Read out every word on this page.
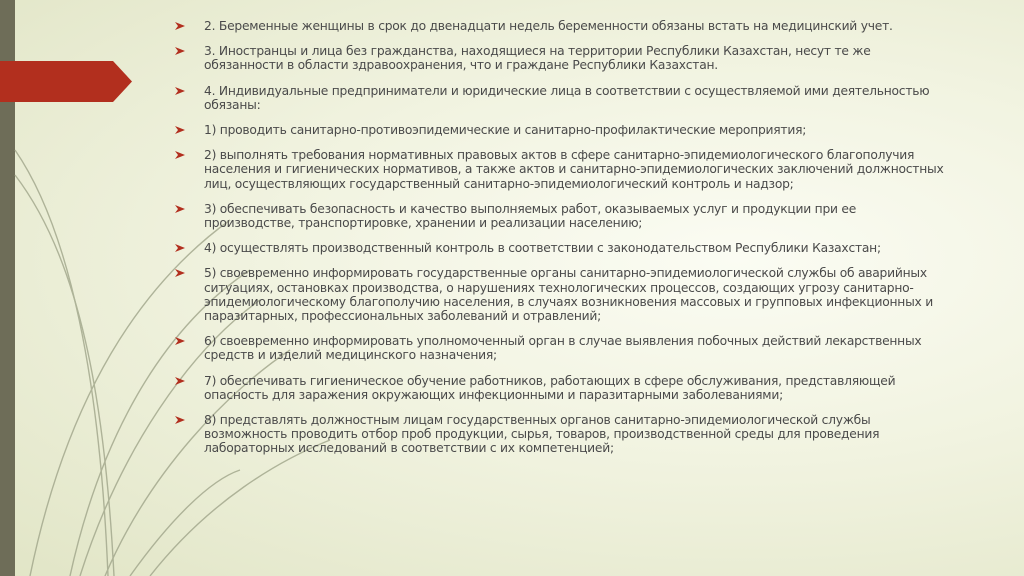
2. Беременные женщины в срок до двенадцати недель беременности обязаны встать на медицинский учет.
3. Иностранцы и лица без гражданства, находящиеся на территории Республики Казахстан, несут те же обязанности в области здравоохранения, что и граждане Республики Казахстан.
4. Индивидуальные предприниматели и юридические лица в соответствии с осуществляемой ими деятельностью обязаны:
1) проводить санитарно-противоэпидемические и санитарно-профилактические мероприятия;
2) выполнять требования нормативных правовых актов в сфере санитарно-эпидемиологического благополучия населения и гигиенических нормативов, а также актов и санитарно-эпидемиологических заключений должностных лиц, осуществляющих государственный санитарно-эпидемиологический контроль и надзор;
3) обеспечивать безопасность и качество выполняемых работ, оказываемых услуг и продукции при ее производстве, транспортировке, хранении и реализации населению;
4) осуществлять производственный контроль в соответствии с законодательством Республики Казахстан;
5) своевременно информировать государственные органы санитарно-эпидемиологической службы об аварийных ситуациях, остановках производства, о нарушениях технологических процессов, создающих угрозу санитарно-эпидемиологическому благополучию населения, в случаях возникновения массовых и групповых инфекционных и паразитарных, профессиональных заболеваний и отравлений;
6) своевременно информировать уполномоченный орган в случае выявления побочных действий лекарственных средств и изделий медицинского назначения;
7) обеспечивать гигиеническое обучение работников, работающих в сфере обслуживания, представляющей опасность для заражения окружающих инфекционными и паразитарными заболеваниями;
8) представлять должностным лицам государственных органов санитарно-эпидемиологической службы возможность проводить отбор проб продукции, сырья, товаров, производственной среды для проведения лабораторных исследований в соответствии с их компетенцией;
